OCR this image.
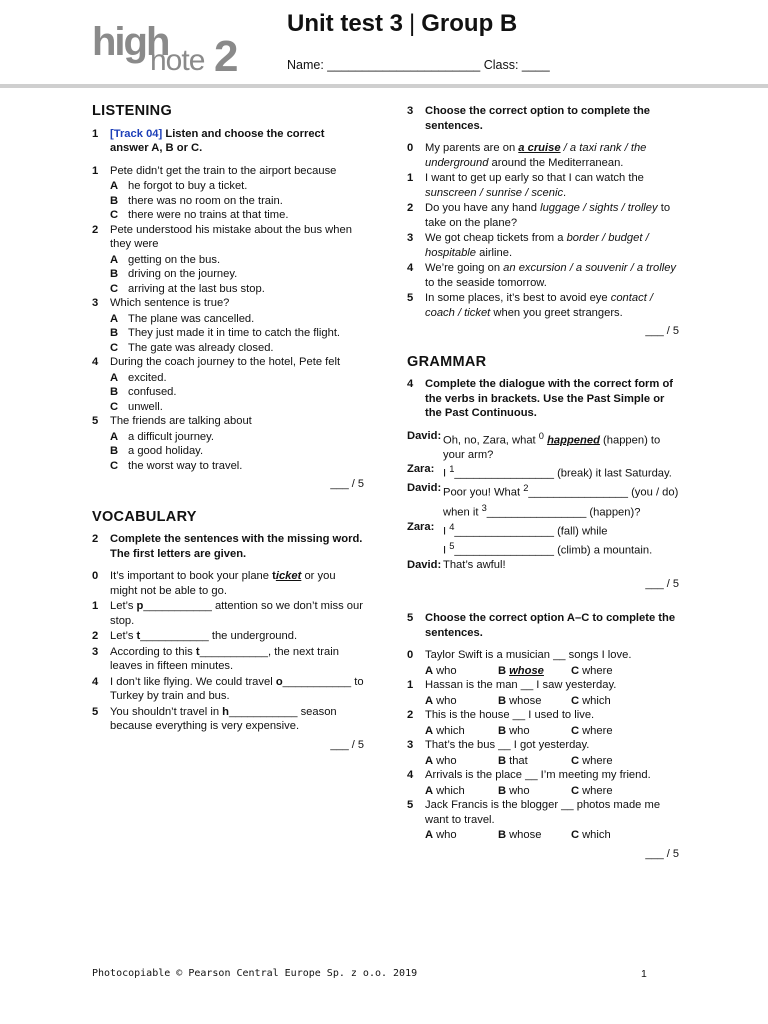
high
note 2
Unit test 3 | Group B
Name: ______________________ Class: ____
LISTENING
1	[Track 04] Listen and choose the correct answer A, B or C.
1	Pete didn’t get the train to the airport because
A he forgot to buy a ticket.
B there was no room on the train.
C there were no trains at that time.
2	Pete understood his mistake about the bus when they were
A getting on the bus.
B driving on the journey.
C arriving at the last bus stop.
3	Which sentence is true?
A The plane was cancelled.
B They just made it in time to catch the flight.
C The gate was already closed.
4	During the coach journey to the hotel, Pete felt
A excited.
B confused.
C unwell.
5	The friends are talking about
A a difficult journey.
B a good holiday.
C the worst way to travel.
___ / 5
VOCABULARY
2	Complete the sentences with the missing word. The first letters are given.
0	It’s important to book your plane ticket or you might not be able to go.
1	Let’s p___________ attention so we don’t miss our stop.
2	Let’s t___________ the underground.
3	According to this t___________, the next train leaves in fifteen minutes.
4	I don’t like flying. We could travel o___________ to Turkey by train and bus.
5	You shouldn’t travel in h___________ season because everything is very expensive.
___ / 5
3	Choose the correct option to complete the sentences.
0	My parents are on a cruise / a taxi rank / the underground around the Mediterranean.
1	I want to get up early so that I can watch the sunscreen / sunrise / scenic.
2	Do you have any hand luggage / sights / trolley to take on the plane?
3	We got cheap tickets from a border / budget / hospitable airline.
4	We’re going on an excursion / a souvenir / a trolley to the seaside tomorrow.
5	In some places, it’s best to avoid eye contact / coach / ticket when you greet strangers.
___ / 5
GRAMMAR
4	Complete the dialogue with the correct form of the verbs in brackets. Use the Past Simple or the Past Continuous.
David: Oh, no, Zara, what $^0$ happened (happen) to your arm?
Zara: I $^1$________________ (break) it last Saturday.
David: Poor you! What $^2$________________ (you / do) when it $^3$________________ (happen)?
Zara: I $^4$________________ (fall) while
I $^5$________________ (climb) a mountain.
David: That’s awful!
___ / 5
5	Choose the correct option A–C to complete the sentences.
0	Taylor Swift is a musician __ songs I love.
A who	B whose	C where
1	Hassan is the man __ I saw yesterday.
A who	B whose	C which
2	This is the house __ I used to live.
A which	B who	C where
3	That’s the bus __ I got yesterday.
A who	B that	C where
4	Arrivals is the place __ I’m meeting my friend.
A which	B who	C where
5	Jack Francis is the blogger __ photos made me want to travel.
A who	B whose	C which
___ / 5
Photocopiable © Pearson Central Europe Sp. z o.o. 2019	1
